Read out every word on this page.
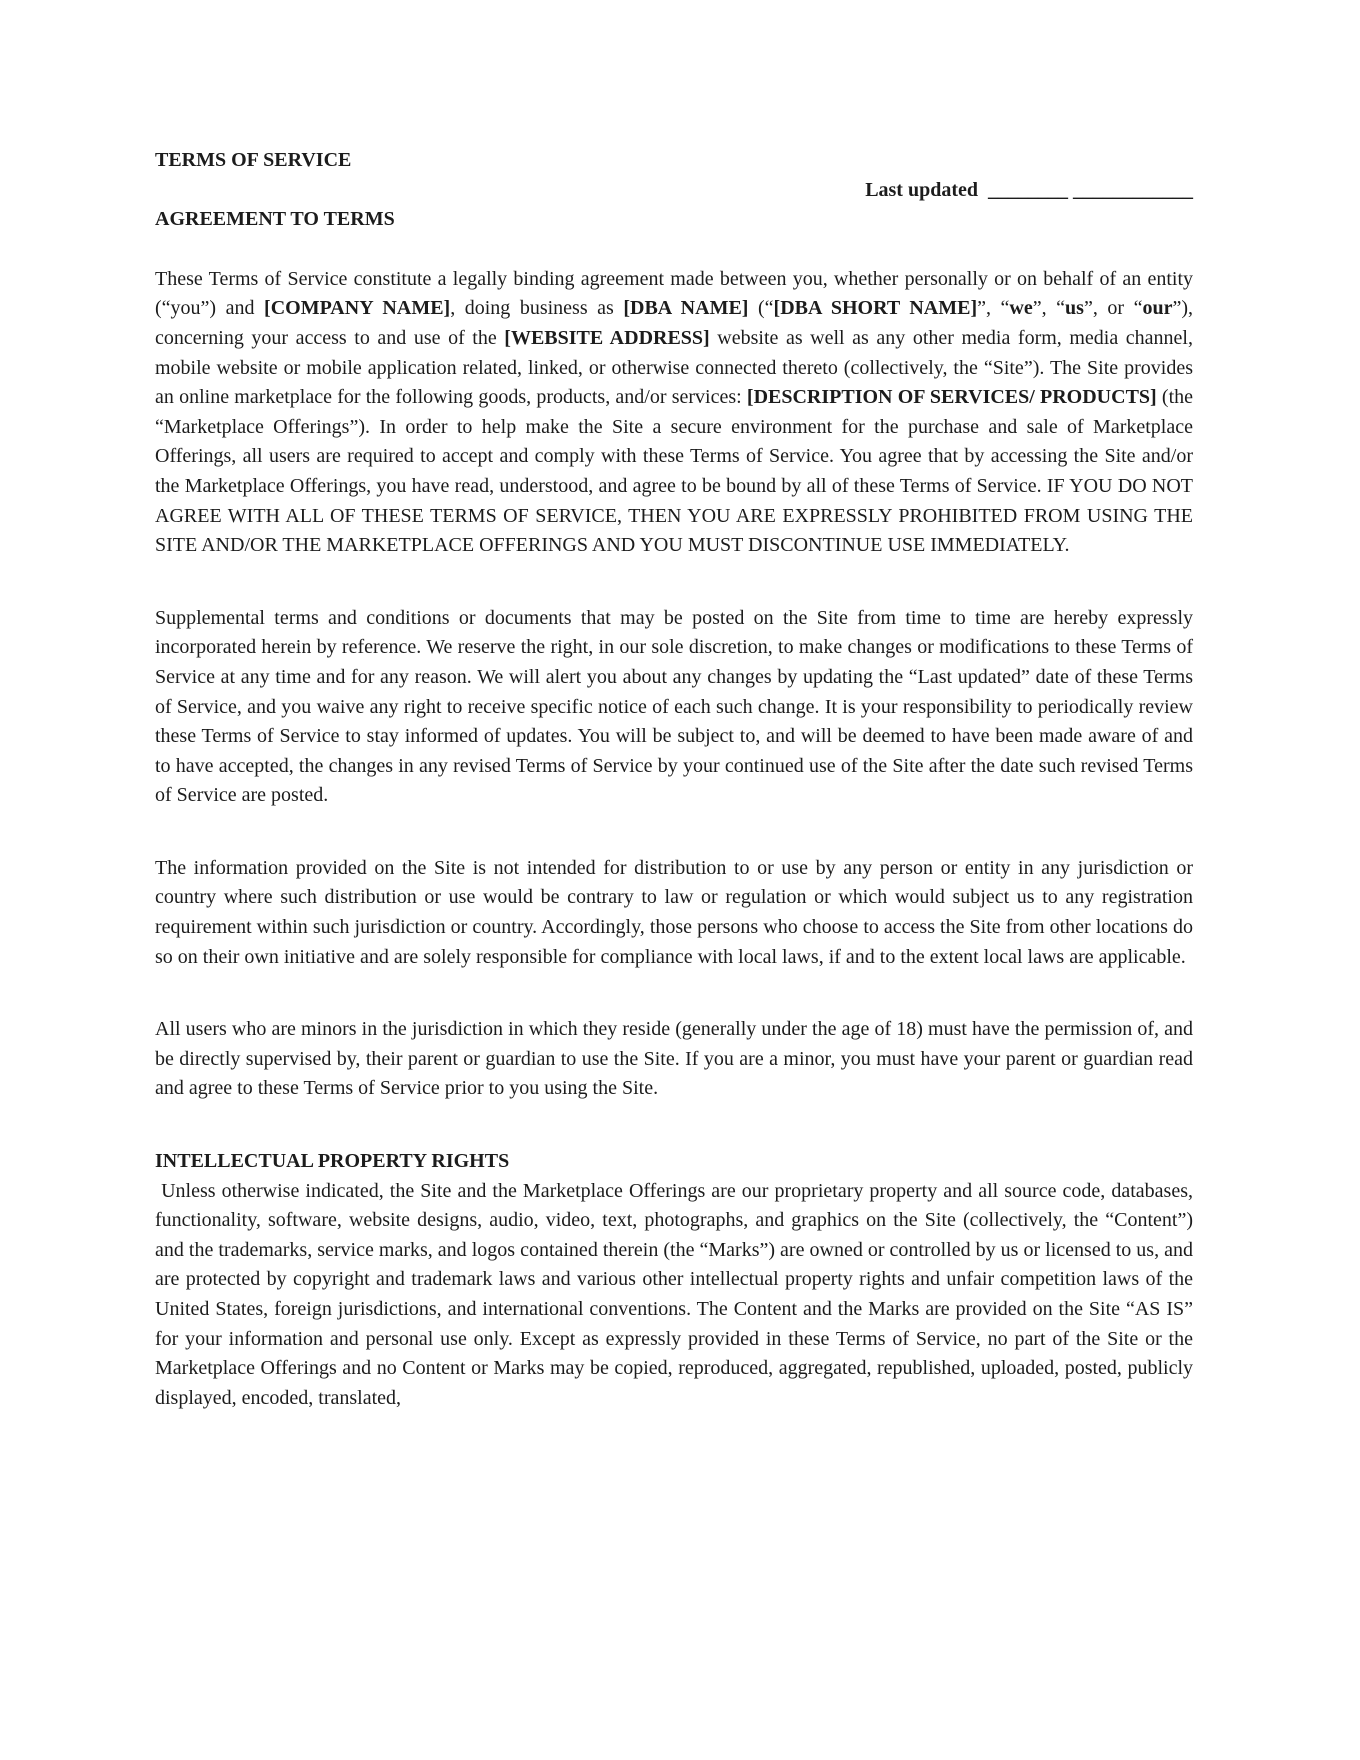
TERMS OF SERVICE
Last updated  ________ ____________
AGREEMENT TO TERMS

These Terms of Service constitute a legally binding agreement made between you, whether personally or on behalf of an entity (“you”) and [COMPANY NAME], doing business as [DBA NAME] (“[DBA SHORT NAME]”, “we”, “us”, or “our”), concerning your access to and use of the [WEBSITE ADDRESS] website as well as any other media form, media channel, mobile website or mobile application related, linked, or otherwise connected thereto (collectively, the “Site”). The Site provides an online marketplace for the following goods, products, and/or services: [DESCRIPTION OF SERVICES/ PRODUCTS] (the “Marketplace Offerings”). In order to help make the Site a secure environment for the purchase and sale of Marketplace Offerings, all users are required to accept and comply with these Terms of Service. You agree that by accessing the Site and/or the Marketplace Offerings, you have read, understood, and agree to be bound by all of these Terms of Service. IF YOU DO NOT AGREE WITH ALL OF THESE TERMS OF SERVICE, THEN YOU ARE EXPRESSLY PROHIBITED FROM USING THE SITE AND/OR THE MARKETPLACE OFFERINGS AND YOU MUST DISCONTINUE USE IMMEDIATELY.

Supplemental terms and conditions or documents that may be posted on the Site from time to time are hereby expressly incorporated herein by reference. We reserve the right, in our sole discretion, to make changes or modifications to these Terms of Service at any time and for any reason. We will alert you about any changes by updating the “Last updated” date of these Terms of Service, and you waive any right to receive specific notice of each such change. It is your responsibility to periodically review these Terms of Service to stay informed of updates. You will be subject to, and will be deemed to have been made aware of and to have accepted, the changes in any revised Terms of Service by your continued use of the Site after the date such revised Terms of Service are posted.

The information provided on the Site is not intended for distribution to or use by any person or entity in any jurisdiction or country where such distribution or use would be contrary to law or regulation or which would subject us to any registration requirement within such jurisdiction or country. Accordingly, those persons who choose to access the Site from other locations do so on their own initiative and are solely responsible for compliance with local laws, if and to the extent local laws are applicable.

All users who are minors in the jurisdiction in which they reside (generally under the age of 18) must have the permission of, and be directly supervised by, their parent or guardian to use the Site. If you are a minor, you must have your parent or guardian read and agree to these Terms of Service prior to you using the Site.

INTELLECTUAL PROPERTY RIGHTS

Unless otherwise indicated, the Site and the Marketplace Offerings are our proprietary property and all source code, databases, functionality, software, website designs, audio, video, text, photographs, and graphics on the Site (collectively, the “Content”) and the trademarks, service marks, and logos contained therein (the “Marks”) are owned or controlled by us or licensed to us, and are protected by copyright and trademark laws and various other intellectual property rights and unfair competition laws of the United States, foreign jurisdictions, and international conventions. The Content and the Marks are provided on the Site “AS IS” for your information and personal use only. Except as expressly provided in these Terms of Service, no part of the Site or the Marketplace Offerings and no Content or Marks may be copied, reproduced, aggregated, republished, uploaded, posted, publicly displayed, encoded, translated,
